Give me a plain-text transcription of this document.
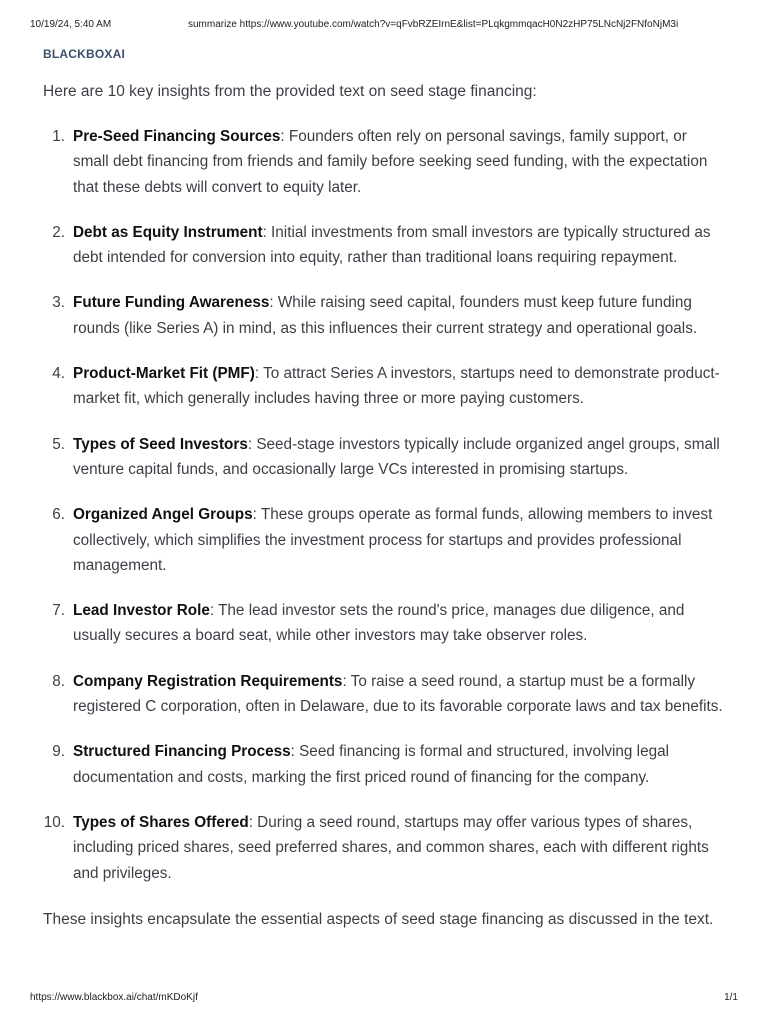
10/19/24, 5:40 AM	summarize https://www.youtube.com/watch?v=qFvbRZEIrnE&list=PLqkgmmqacH0N2zHP75LNcNj2FNfoNjM3i
BLACKBOXAI

Here are 10 key insights from the provided text on seed stage financing:

1. Pre-Seed Financing Sources: Founders often rely on personal savings, family support, or small debt financing from friends and family before seeking seed funding, with the expectation that these debts will convert to equity later.
2. Debt as Equity Instrument: Initial investments from small investors are typically structured as debt intended for conversion into equity, rather than traditional loans requiring repayment.
3. Future Funding Awareness: While raising seed capital, founders must keep future funding rounds (like Series A) in mind, as this influences their current strategy and operational goals.
4. Product-Market Fit (PMF): To attract Series A investors, startups need to demonstrate product-market fit, which generally includes having three or more paying customers.
5. Types of Seed Investors: Seed-stage investors typically include organized angel groups, small venture capital funds, and occasionally large VCs interested in promising startups.
6. Organized Angel Groups: These groups operate as formal funds, allowing members to invest collectively, which simplifies the investment process for startups and provides professional management.
7. Lead Investor Role: The lead investor sets the round's price, manages due diligence, and usually secures a board seat, while other investors may take observer roles.
8. Company Registration Requirements: To raise a seed round, a startup must be a formally registered C corporation, often in Delaware, due to its favorable corporate laws and tax benefits.
9. Structured Financing Process: Seed financing is formal and structured, involving legal documentation and costs, marking the first priced round of financing for the company.
10. Types of Shares Offered: During a seed round, startups may offer various types of shares, including priced shares, seed preferred shares, and common shares, each with different rights and privileges.

These insights encapsulate the essential aspects of seed stage financing as discussed in the text.

https://www.blackbox.ai/chat/mKDoKjf	1/1
